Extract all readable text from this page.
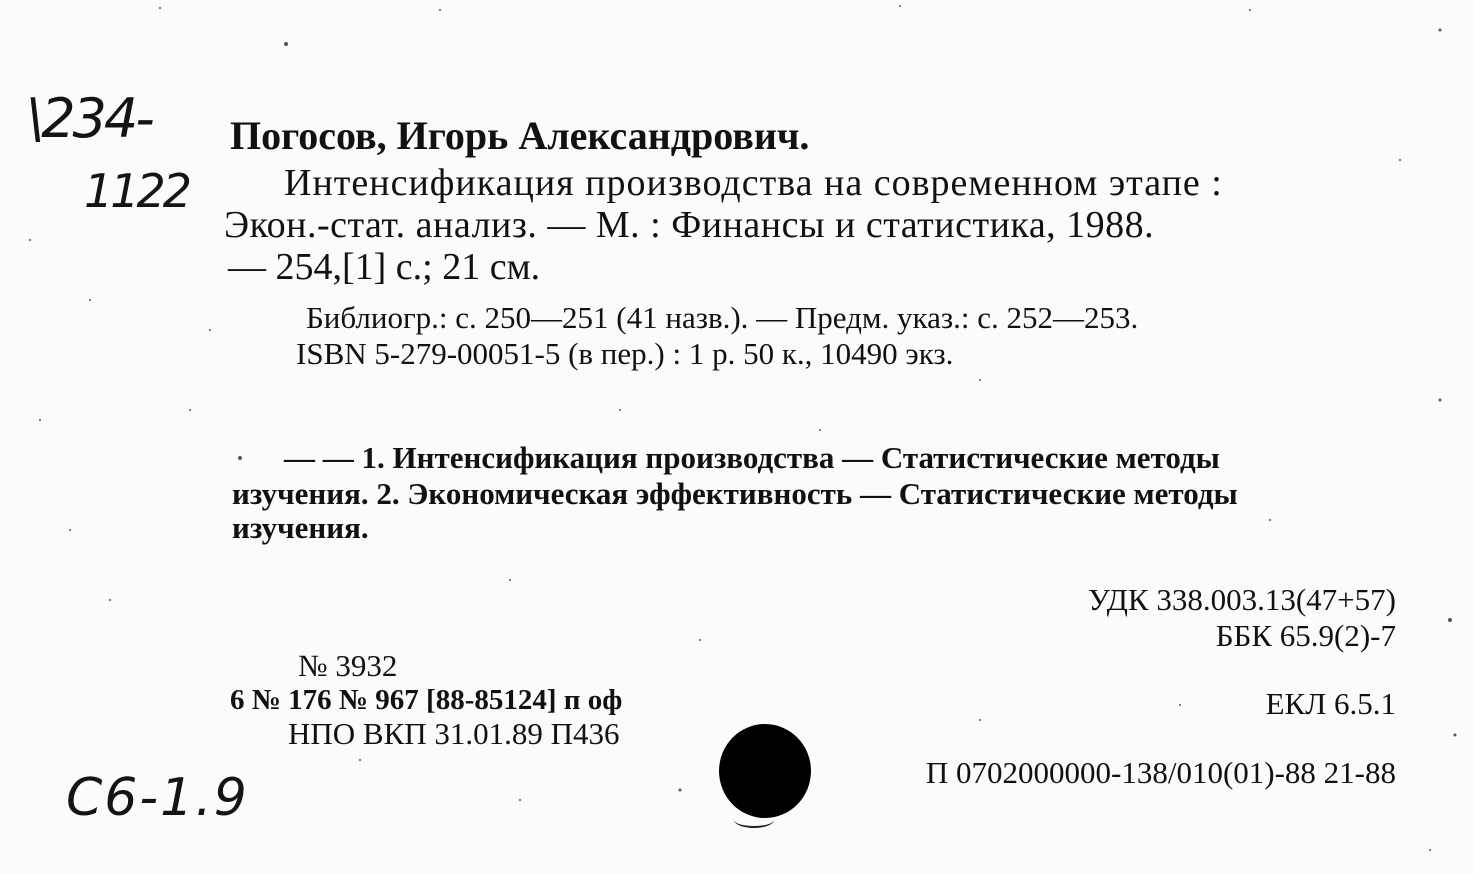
\234-
1122
C6-1.9
Погосов, Игорь Александрович.
Интенсификация производства на современном этапе :
Экон.-стат. анализ. — М. : Финансы и статистика, 1988.
— 254,[1] с.; 21 см.
Библиогр.: с. 250—251 (41 назв.). — Предм. указ.: с. 252—253.
ISBN 5-279-00051-5 (в пер.) : 1 р. 50 к., 10490 экз.
— — 1. Интенсификация производства — Статистические методы
изучения. 2. Экономическая эффективность — Статистические методы
изучения.
УДК 338.003.13(47+57)
ББК 65.9(2)-7
ЕКЛ 6.5.1
№ 3932
6 № 176 № 967 [88-85124] п оф
НПО ВКП 31.01.89 П436
П 0702000000-138/010(01)-88 21-88
